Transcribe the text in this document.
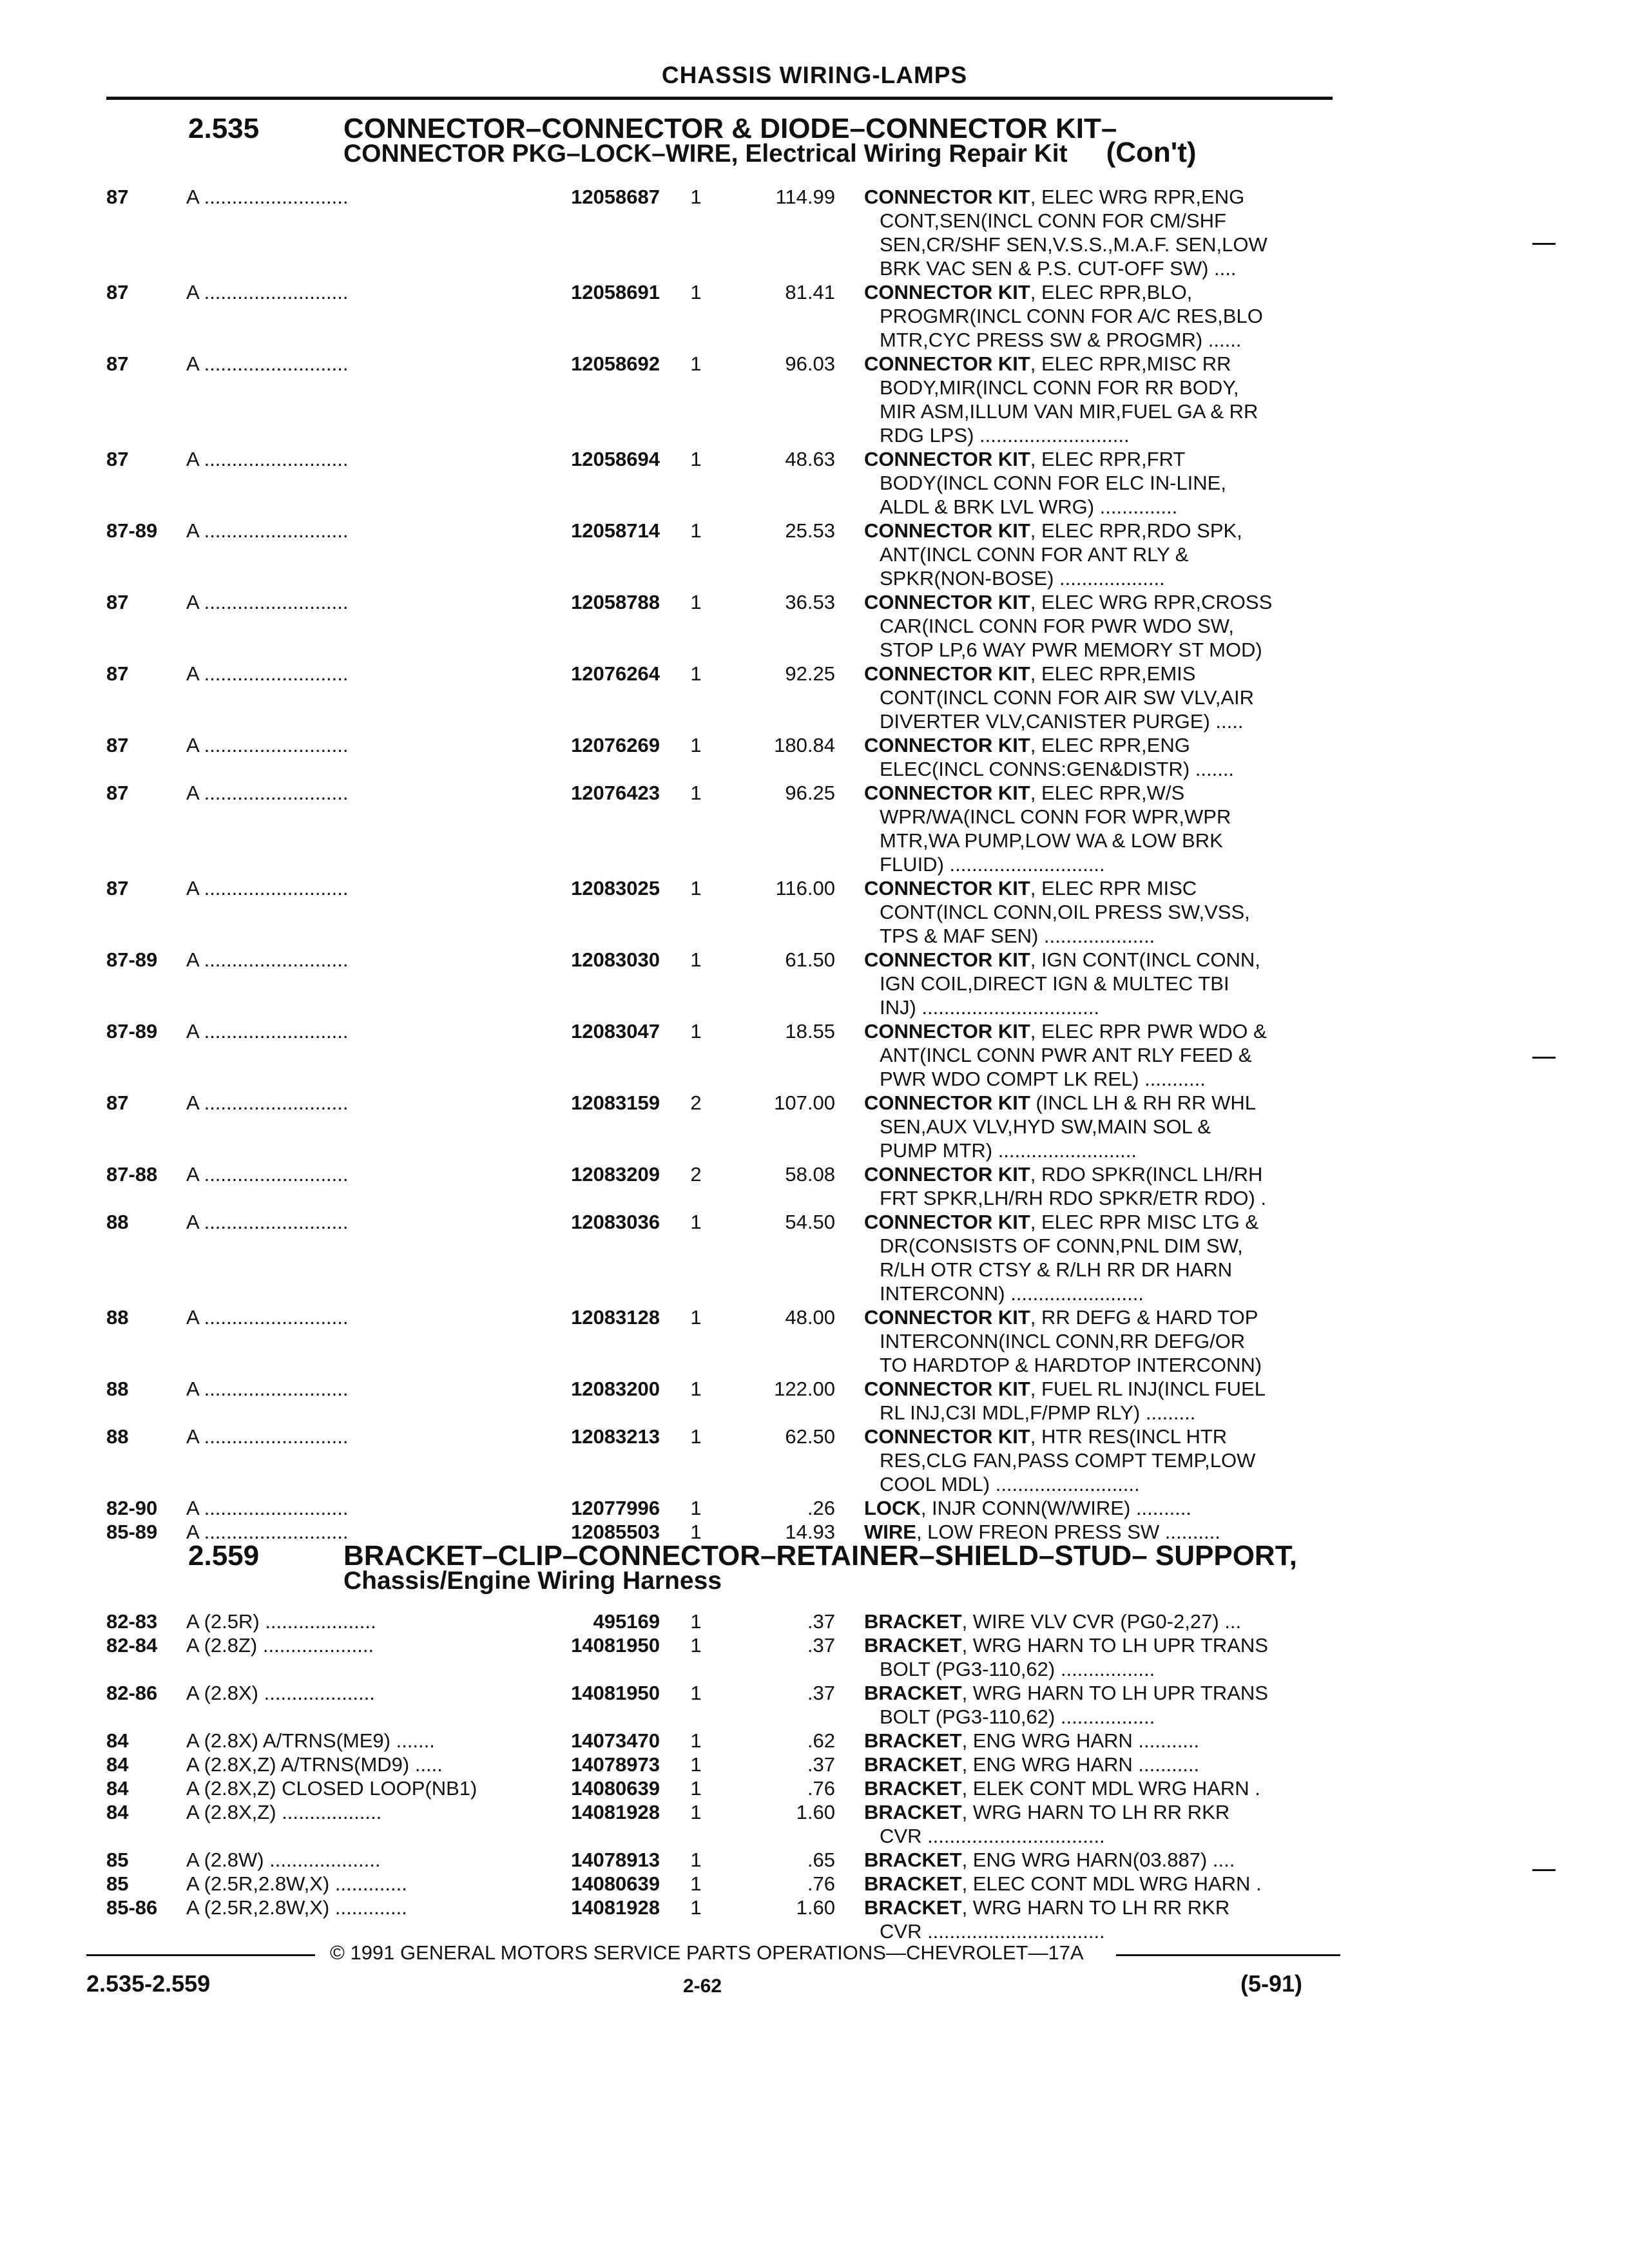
CHASSIS WIRING-LAMPS
2.535	CONNECTOR–CONNECTOR & DIODE–CONNECTOR KIT–
CONNECTOR PKG–LOCK–WIRE, Electrical Wiring Repair Kit (Con't)
87	A ..........................	12058687	1	114.99 CONNECTOR KIT, ELEC WRG RPR,ENG
CONT,SEN(INCL CONN FOR CM/SHF
SEN,CR/SHF SEN,V.S.S.,M.A.F. SEN,LOW
BRK VAC SEN & P.S. CUT-OFF SW) ....
87	A ..........................	12058691	1	81.41 CONNECTOR KIT, ELEC RPR,BLO,
PROGMR(INCL CONN FOR A/C RES,BLO
MTR,CYC PRESS SW & PROGMR) ......
87	A ..........................	12058692	1	96.03 CONNECTOR KIT, ELEC RPR,MISC RR
BODY,MIR(INCL CONN FOR RR BODY,
MIR ASM,ILLUM VAN MIR,FUEL GA & RR
RDG LPS) ...........................
87	A ..........................	12058694	1	48.63 CONNECTOR KIT, ELEC RPR,FRT
BODY(INCL CONN FOR ELC IN-LINE,
ALDL & BRK LVL WRG) ..............
87-89 A ..........................	12058714	1	25.53 CONNECTOR KIT, ELEC RPR,RDO SPK,
ANT(INCL CONN FOR ANT RLY &
SPKR(NON-BOSE) ...................
87	A ..........................	12058788	1	36.53 CONNECTOR KIT, ELEC WRG RPR,CROSS
CAR(INCL CONN FOR PWR WDO SW,
STOP LP,6 WAY PWR MEMORY ST MOD)
87	A ..........................	12076264	1	92.25 CONNECTOR KIT, ELEC RPR,EMIS
CONT(INCL CONN FOR AIR SW VLV,AIR
DIVERTER VLV,CANISTER PURGE) .....
87	A ..........................	12076269	1	180.84 CONNECTOR KIT, ELEC RPR,ENG
ELEC(INCL CONNS:GEN&DISTR) .......
87	A ..........................	12076423	1	96.25 CONNECTOR KIT, ELEC RPR,W/S
WPR/WA(INCL CONN FOR WPR,WPR
MTR,WA PUMP,LOW WA & LOW BRK
FLUID) ............................
87	A ..........................	12083025	1	116.00 CONNECTOR KIT, ELEC RPR MISC
CONT(INCL CONN,OIL PRESS SW,VSS,
TPS & MAF SEN) ....................
87-89 A ..........................	12083030	1	61.50 CONNECTOR KIT, IGN CONT(INCL CONN,
IGN COIL,DIRECT IGN & MULTEC TBI
INJ) ................................
87-89 A ..........................	12083047	1	18.55 CONNECTOR KIT, ELEC RPR PWR WDO &
ANT(INCL CONN PWR ANT RLY FEED &
PWR WDO COMPT LK REL) ...........
87	A ..........................	12083159	2	107.00 CONNECTOR KIT (INCL LH & RH RR WHL
SEN,AUX VLV,HYD SW,MAIN SOL &
PUMP MTR) .........................
87-88 A ..........................	12083209	2	58.08 CONNECTOR KIT, RDO SPKR(INCL LH/RH
FRT SPKR,LH/RH RDO SPKR/ETR RDO) .
88	A ..........................	12083036	1	54.50 CONNECTOR KIT, ELEC RPR MISC LTG &
DR(CONSISTS OF CONN,PNL DIM SW,
R/LH OTR CTSY & R/LH RR DR HARN
INTERCONN) ........................
88	A ..........................	12083128	1	48.00 CONNECTOR KIT, RR DEFG & HARD TOP
INTERCONN(INCL CONN,RR DEFG/OR
TO HARDTOP & HARDTOP INTERCONN)
88	A ..........................	12083200	1	122.00 CONNECTOR KIT, FUEL RL INJ(INCL FUEL
RL INJ,C3I MDL,F/PMP RLY) .........
88	A ..........................	12083213	1	62.50 CONNECTOR KIT, HTR RES(INCL HTR
RES,CLG FAN,PASS COMPT TEMP,LOW
COOL MDL) ..........................
82-90 A ..........................	12077996	1	.26 LOCK, INJR CONN(W/WIRE) ..........
85-89 A ..........................	12085503	1	14.93 WIRE, LOW FREON PRESS SW ..........
2.559	BRACKET–CLIP–CONNECTOR–RETAINER–SHIELD–STUD– SUPPORT,
Chassis/Engine Wiring Harness
82-83 A (2.5R) ....................	495169	1	.37 BRACKET, WIRE VLV CVR (PG0-2,27) ...
82-84 A (2.8Z) ....................	14081950	1	.37 BRACKET, WRG HARN TO LH UPR TRANS
BOLT (PG3-110,62) .................
82-86 A (2.8X) ....................	14081950	1	.37 BRACKET, WRG HARN TO LH UPR TRANS
BOLT (PG3-110,62) .................
84	A (2.8X) A/TRNS(ME9) .......	14073470	1	.62 BRACKET, ENG WRG HARN ...........
84	A (2.8X,Z) A/TRNS(MD9) .....	14078973	1	.37 BRACKET, ENG WRG HARN ...........
84	A (2.8X,Z) CLOSED LOOP(NB1)	14080639	1	.76 BRACKET, ELEK CONT MDL WRG HARN .
84	A (2.8X,Z) ..................	14081928	1	1.60 BRACKET, WRG HARN TO LH RR RKR
CVR ................................
85	A (2.8W) ....................	14078913	1	.65 BRACKET, ENG WRG HARN(03.887) ....
85	A (2.5R,2.8W,X) .............	14080639	1	.76 BRACKET, ELEC CONT MDL WRG HARN .
85-86 A (2.5R,2.8W,X) .............	14081928	1	1.60 BRACKET, WRG HARN TO LH RR RKR
CVR ................................
© 1991 GENERAL MOTORS SERVICE PARTS OPERATIONS—CHEVROLET—17A
2.535-2.559	2-62	(5-91)
